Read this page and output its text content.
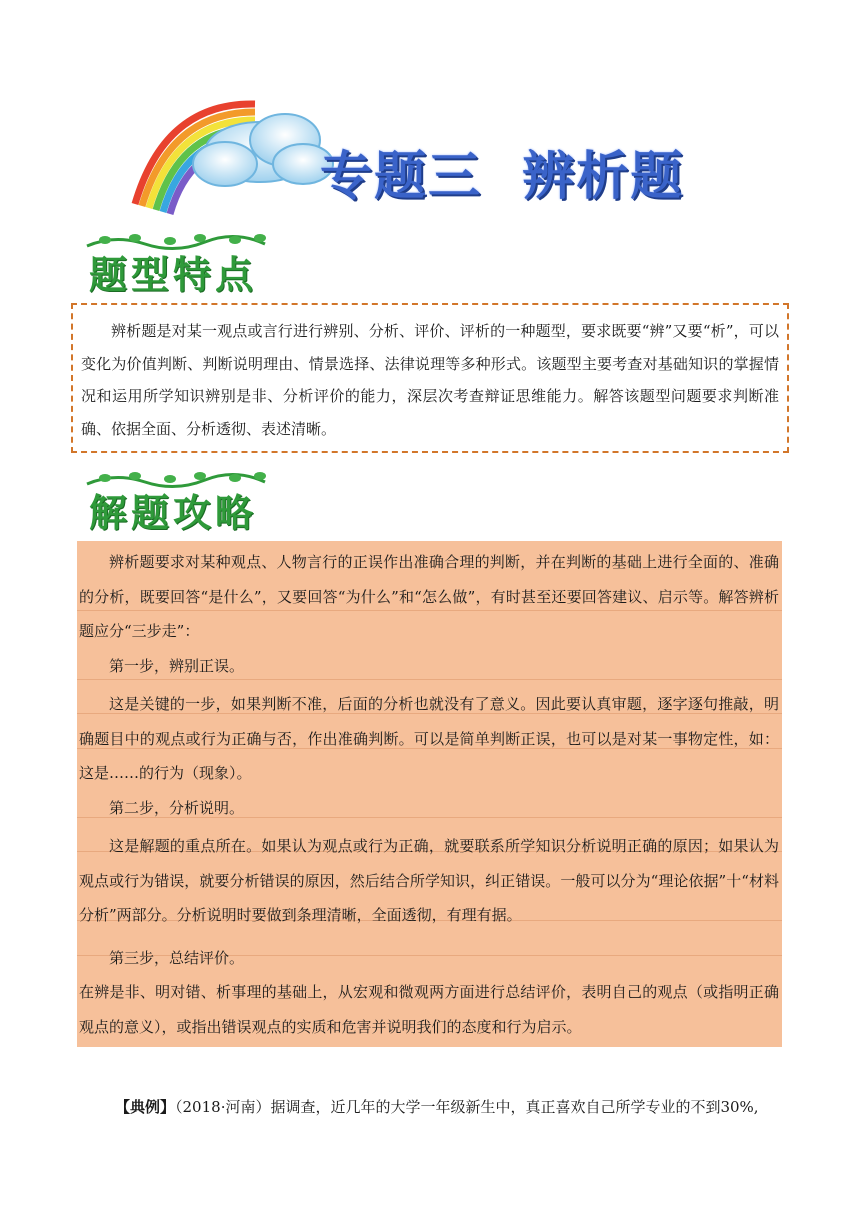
专题三  辨析题
题型特点

辨析题是对某一观点或言行进行辨别、分析、评价、评析的一种题型，要求既要“辨”又要“析”，可以变化为价值判断、判断说明理由、情景选择、法律说理等多种形式。该题型主要考查对基础知识的掌握情况和运用所学知识辨别是非、分析评价的能力，深层次考查辩证思维能力。解答该题型问题要求判断准确、依据全面、分析透彻、表述清晰。

解题攻略

辨析题要求对某种观点、人物言行的正误作出准确合理的判断，并在判断的基础上进行全面的、准确的分析，既要回答“是什么”，又要回答“为什么”和“怎么做”，有时甚至还要回答建议、启示等。解答辨析题应分“三步走”：

第一步，辨别正误。

这是关键的一步，如果判断不准，后面的分析也就没有了意义。因此要认真审题，逐字逐句推敲，明确题目中的观点或行为正确与否，作出准确判断。可以是简单判断正误，也可以是对某一事物定性，如：这是……的行为（现象）。

第二步，分析说明。

这是解题的重点所在。如果认为观点或行为正确，就要联系所学知识分析说明正确的原因；如果认为观点或行为错误，就要分析错误的原因，然后结合所学知识，纠正错误。一般可以分为“理论依据”十“材料分析”两部分。分析说明时要做到条理清晰，全面透彻，有理有据。

第三步，总结评价。

在辨是非、明对错、析事理的基础上，从宏观和微观两方面进行总结评价，表明自己的观点（或指明正确观点的意义），或指出错误观点的实质和危害并说明我们的态度和行为启示。

【典例】（2018·河南）据调查，近几年的大学一年级新生中，真正喜欢自己所学专业的不到30%,
